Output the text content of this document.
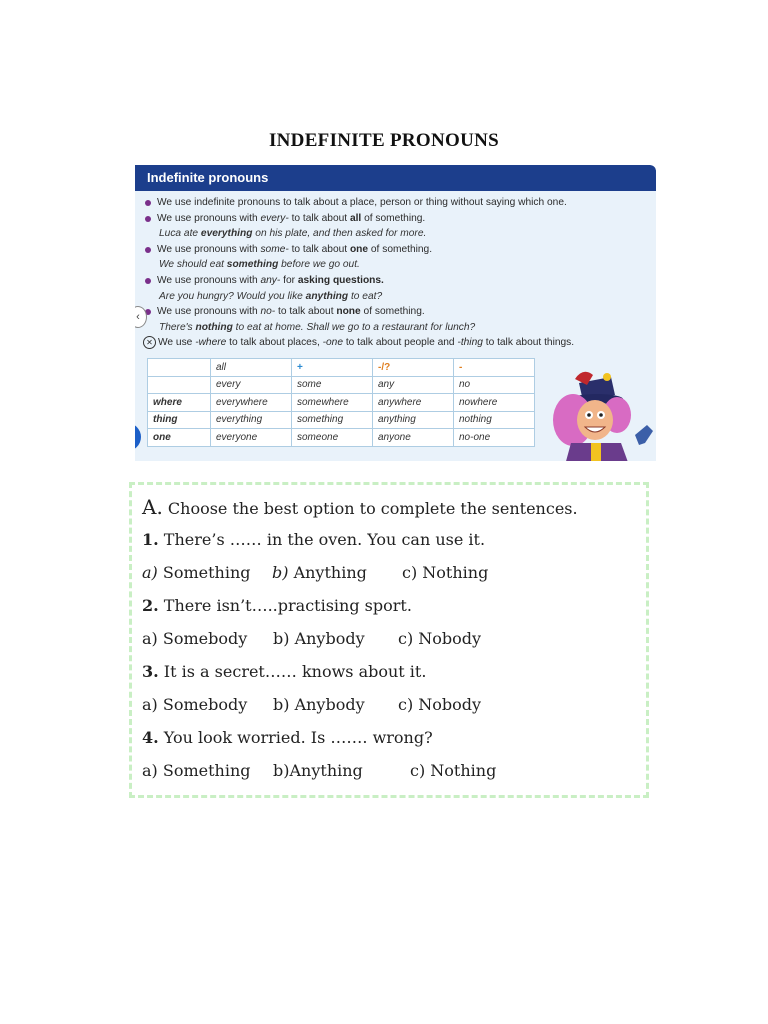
INDEFINITE PRONOUNS
Indefinite pronouns
We use indefinite pronouns to talk about a place, person or thing without saying which one.
We use pronouns with every- to talk about all of something.
Luca ate everything on his plate, and then asked for more.
We use pronouns with some- to talk about one of something.
We should eat something before we go out.
We use pronouns with any- for asking questions.
Are you hungry? Would you like anything to eat?
We use pronouns with no- to talk about none of something.
There's nothing to eat at home. Shall we go to a restaurant for lunch?
‹
✕ We use -where to talk about places, -one to talk about people and -thing to talk about things.
	all	+	-/?	-
	every	some	any	no
where	everywhere	somewhere	anywhere	nowhere
thing	everything	something	anything	nothing
one	everyone	someone	anyone	no-one
A. Choose the best option to complete the sentences.
1. There’s …… in the oven. You can use it.
a) Something b) Anything c) Nothing
2. There isn’t…..practising sport.
a) Somebody b) Anybody c) Nobody
3. It is a secret…… knows about it.
a) Somebody b) Anybody c) Nobody
4. You look worried. Is ……. wrong?
a) Something b)Anything	c) Nothing
